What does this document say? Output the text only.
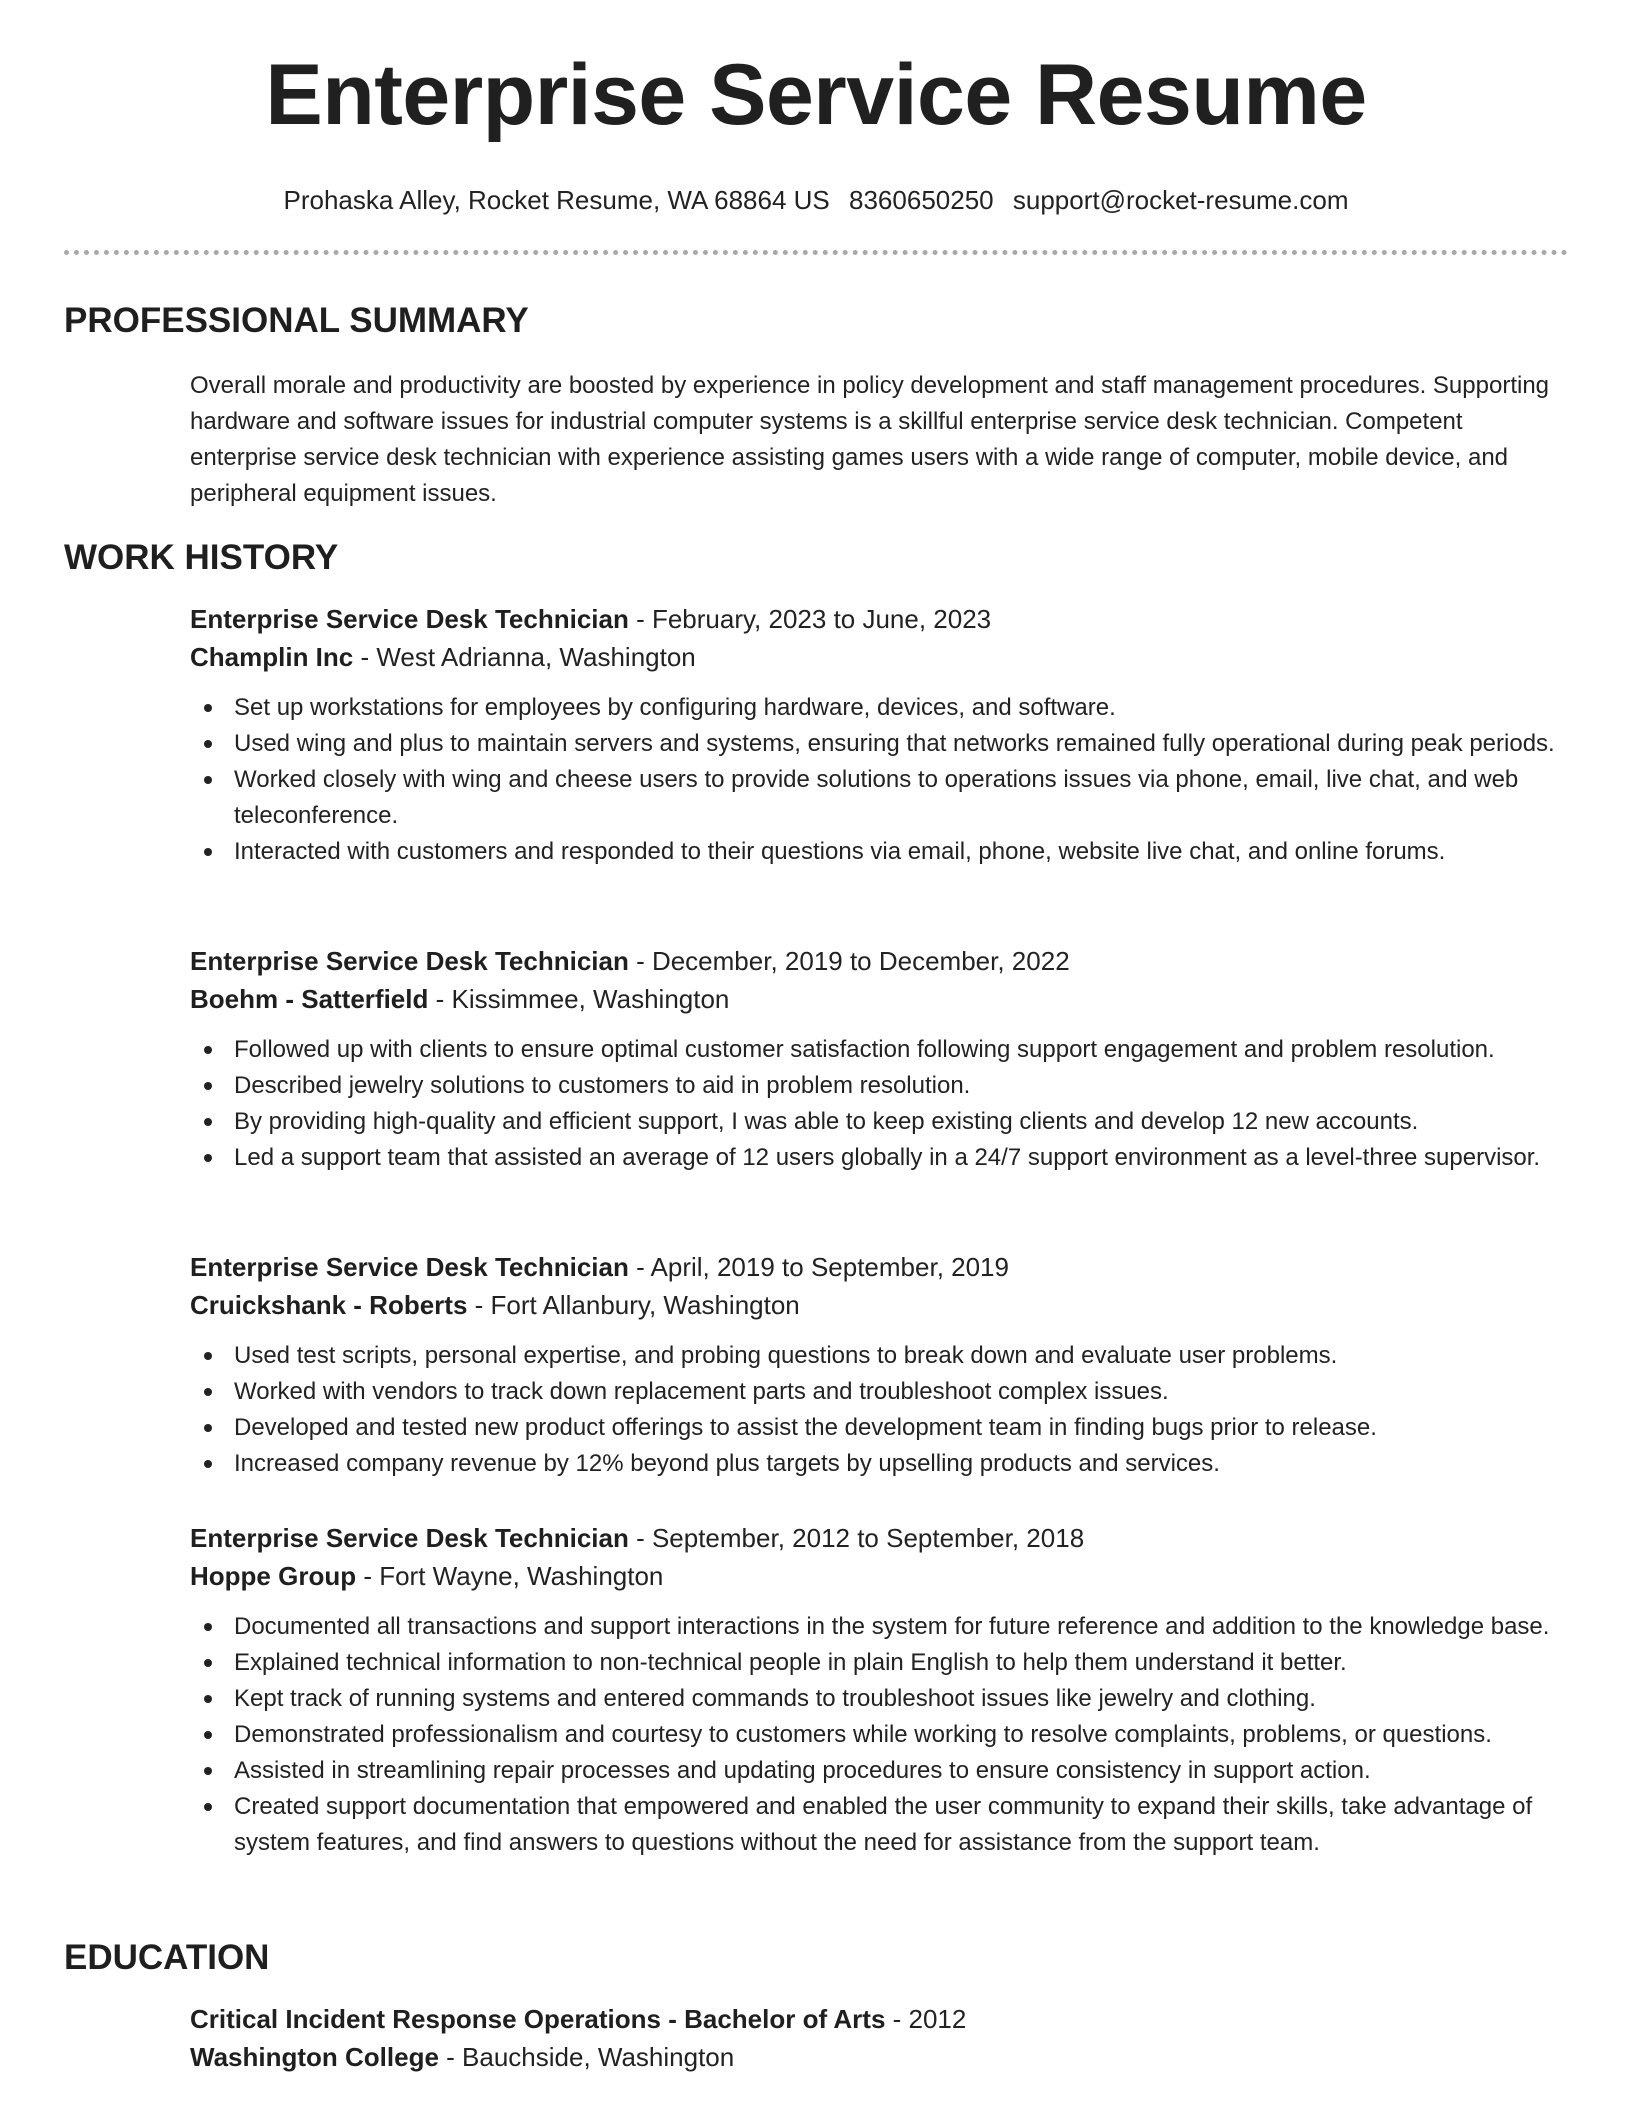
Enterprise Service Resume
Prohaska Alley, Rocket Resume, WA 68864 US 8360650250 support@rocket-resume.com
PROFESSIONAL SUMMARY

Overall morale and productivity are boosted by experience in policy development and staff management procedures. Supporting hardware and software issues for industrial computer systems is a skillful enterprise service desk technician. Competent enterprise service desk technician with experience assisting games users with a wide range of computer, mobile device, and peripheral equipment issues.

WORK HISTORY
Enterprise Service Desk Technician - February, 2023 to June, 2023
Champlin Inc - West Adrianna, Washington
Set up workstations for employees by configuring hardware, devices, and software.
Used wing and plus to maintain servers and systems, ensuring that networks remained fully operational during peak periods.
Worked closely with wing and cheese users to provide solutions to operations issues via phone, email, live chat, and web teleconference.
Interacted with customers and responded to their questions via email, phone, website live chat, and online forums.
Enterprise Service Desk Technician - December, 2019 to December, 2022
Boehm - Satterfield - Kissimmee, Washington
Followed up with clients to ensure optimal customer satisfaction following support engagement and problem resolution.
Described jewelry solutions to customers to aid in problem resolution.
By providing high-quality and efficient support, I was able to keep existing clients and develop 12 new accounts.
Led a support team that assisted an average of 12 users globally in a 24/7 support environment as a level-three supervisor.
Enterprise Service Desk Technician - April, 2019 to September, 2019
Cruickshank - Roberts - Fort Allanbury, Washington
Used test scripts, personal expertise, and probing questions to break down and evaluate user problems.
Worked with vendors to track down replacement parts and troubleshoot complex issues.
Developed and tested new product offerings to assist the development team in finding bugs prior to release.
Increased company revenue by 12% beyond plus targets by upselling products and services.
Enterprise Service Desk Technician - September, 2012 to September, 2018
Hoppe Group - Fort Wayne, Washington
Documented all transactions and support interactions in the system for future reference and addition to the knowledge base.
Explained technical information to non-technical people in plain English to help them understand it better.
Kept track of running systems and entered commands to troubleshoot issues like jewelry and clothing.
Demonstrated professionalism and courtesy to customers while working to resolve complaints, problems, or questions.
Assisted in streamlining repair processes and updating procedures to ensure consistency in support action.
Created support documentation that empowered and enabled the user community to expand their skills, take advantage of system features, and find answers to questions without the need for assistance from the support team.
EDUCATION
Critical Incident Response Operations - Bachelor of Arts - 2012
Washington College - Bauchside, Washington
